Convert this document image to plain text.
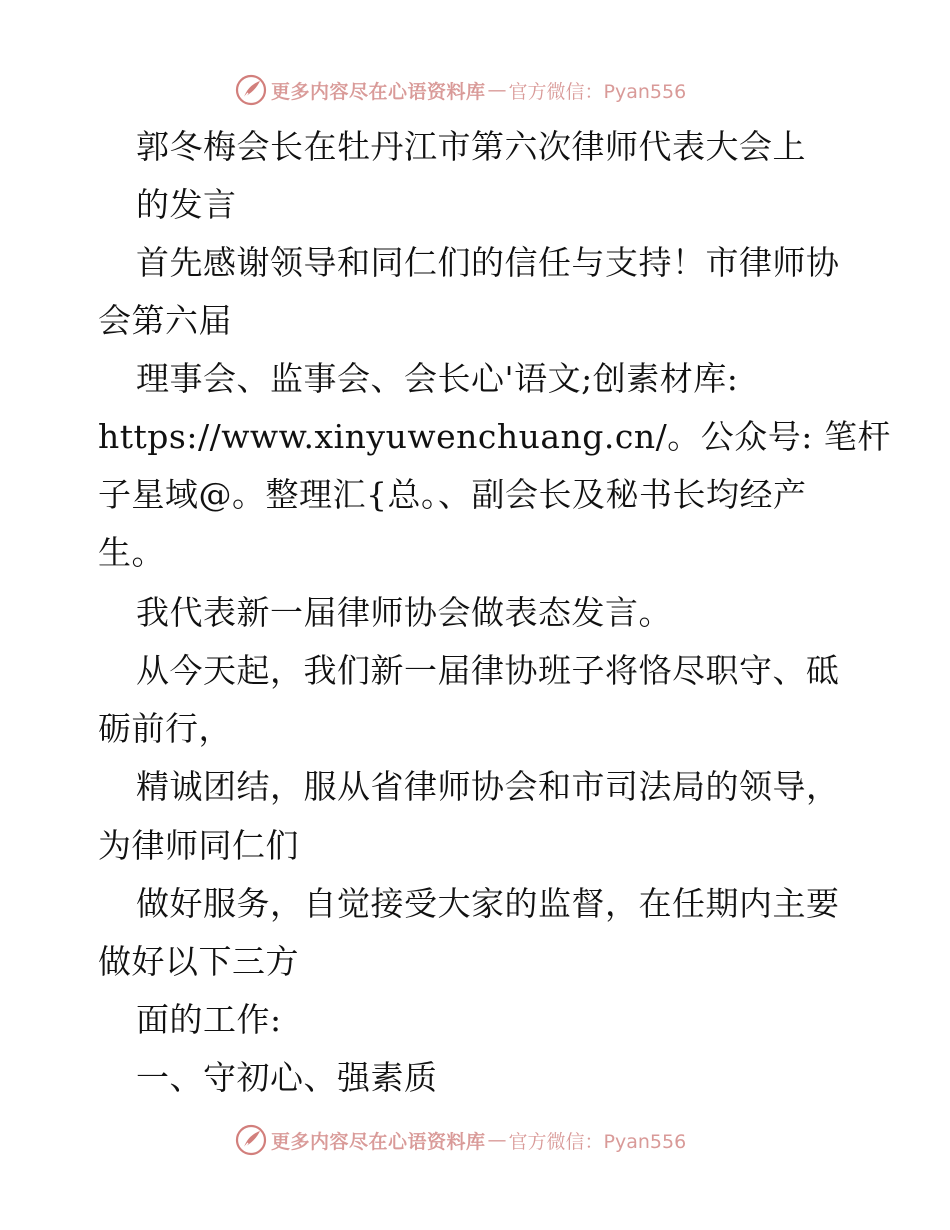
更多内容尽在心语资料库 — 官方微信：Pyan556
郭冬梅会长在牡丹江市第六次律师代表大会上
的发言
首先感谢领导和同仁们的信任与支持！市律师协
会第六届
理事会、监事会、会长心'语文;创素材库:
https://www.xinyuwenchuang.cn/。公众号: 笔杆
子星域@。整理汇{总。、副会长及秘书长均经产
生。
我代表新一届律师协会做表态发言。
从今天起，我们新一届律协班子将恪尽职守、砥
砺前行，
精诚团结，服从省律师协会和市司法局的领导，
为律师同仁们
做好服务，自觉接受大家的监督，在任期内主要
做好以下三方
面的工作:
一、守初心、强素质
更多内容尽在心语资料库 — 官方微信：Pyan556
